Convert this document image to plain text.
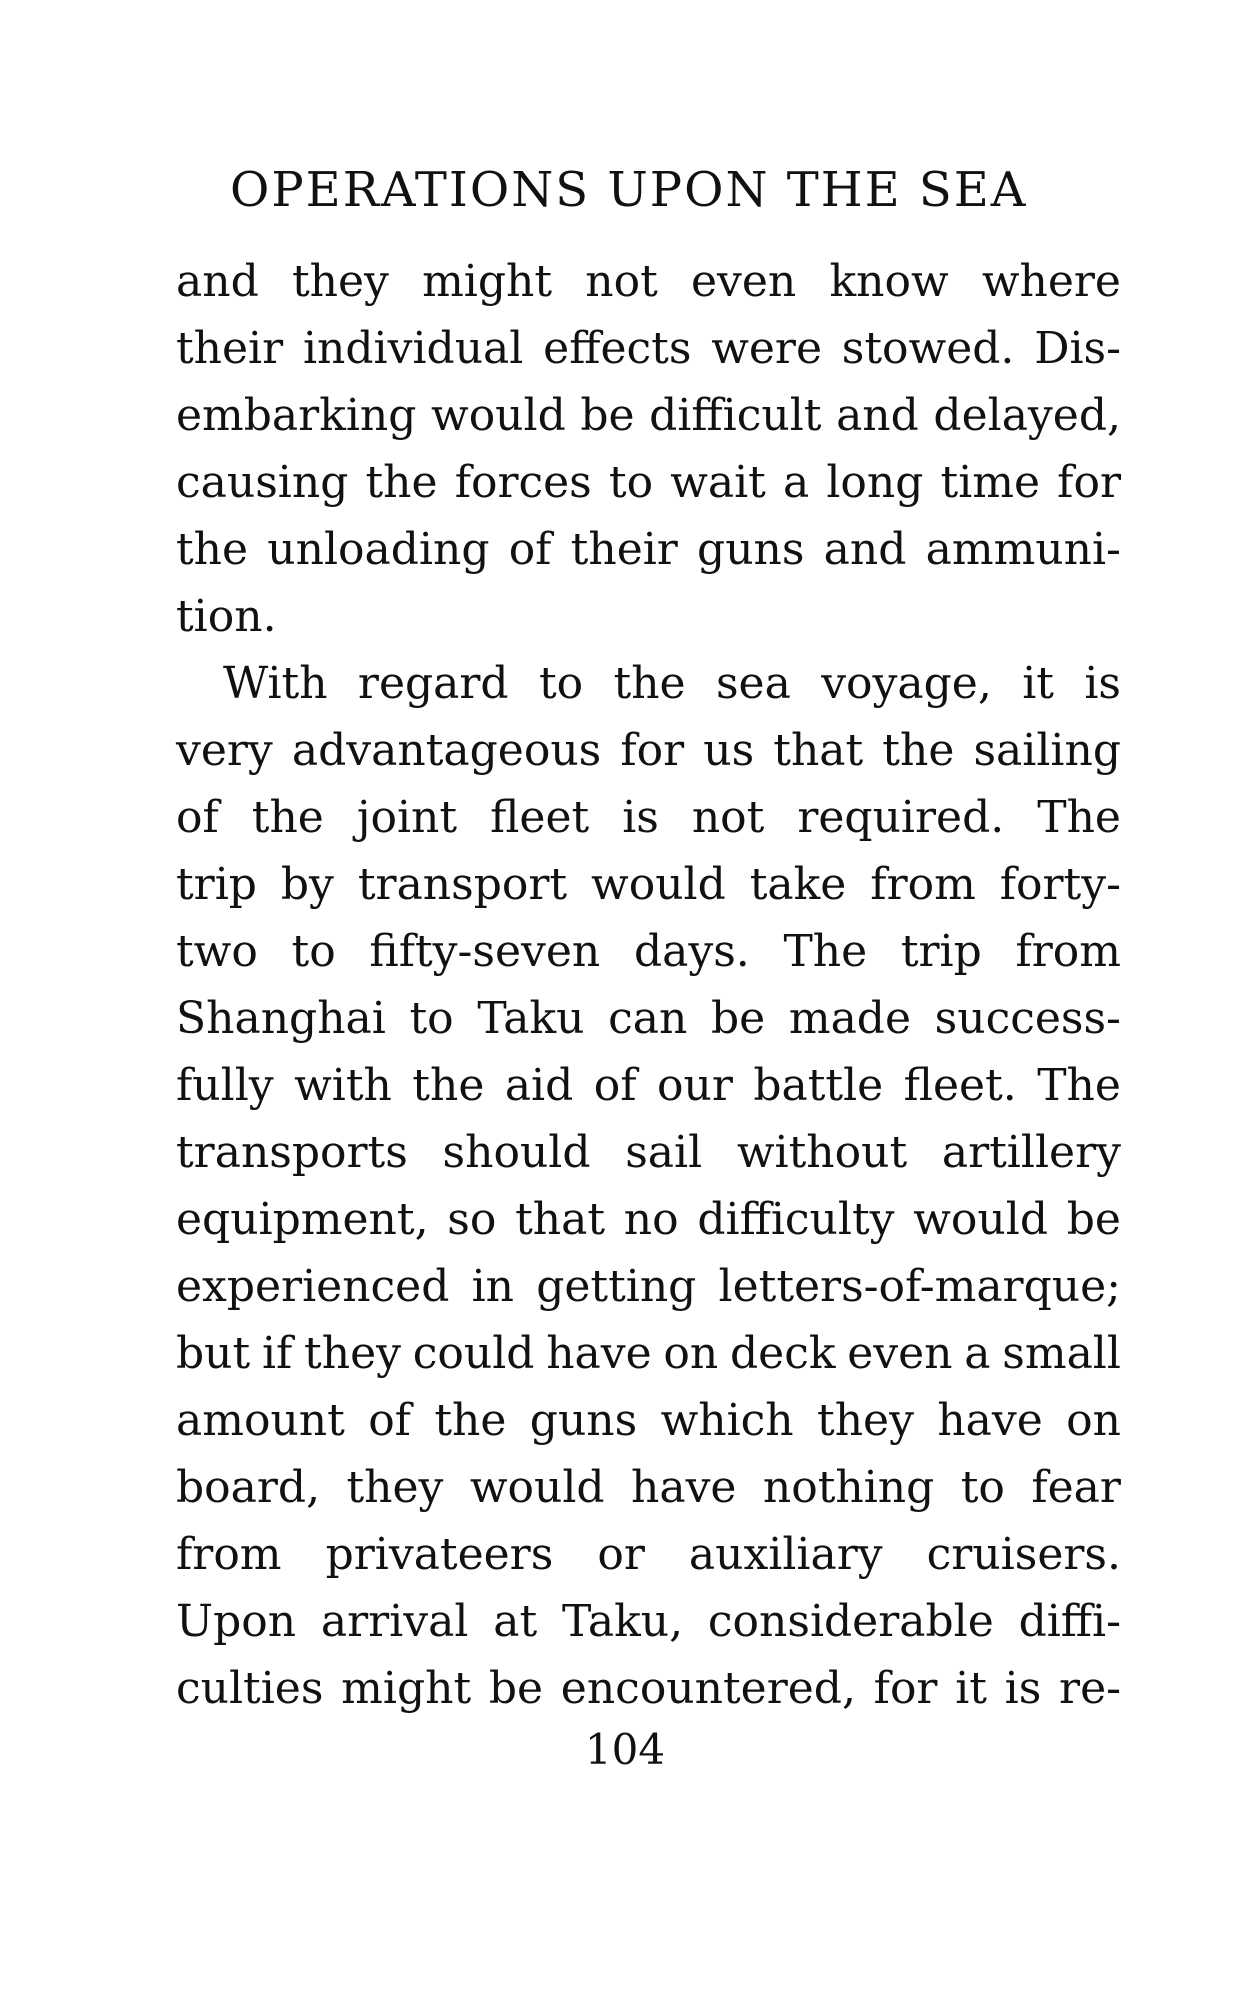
OPERATIONS UPON THE SEA
and they might not even know where
their individual effects were stowed. Dis-
embarking would be difficult and delayed,
causing the forces to wait a long time for
the unloading of their guns and ammuni-
tion.
With regard to the sea voyage, it is
very advantageous for us that the sailing
of the joint fleet is not required. The
trip by transport would take from forty-
two to fifty-seven days. The trip from
Shanghai to Taku can be made success-
fully with the aid of our battle fleet. The
transports should sail without artillery
equipment, so that no difficulty would be
experienced in getting letters-of-marque;
but if they could have on deck even a small
amount of the guns which they have on
board, they would have nothing to fear
from privateers or auxiliary cruisers.
Upon arrival at Taku, considerable diffi-
culties might be encountered, for it is re-
104
